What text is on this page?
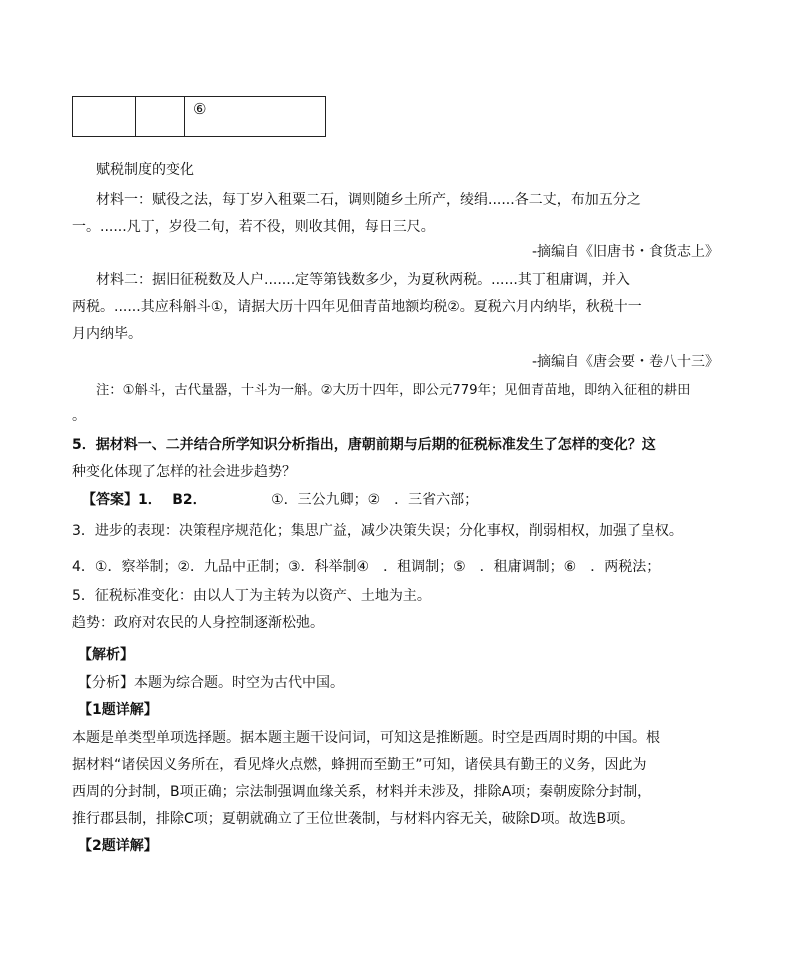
		⑥
赋税制度的变化
材料一：赋役之法，每丁岁入租粟二石，调则随乡土所产，绫绢......各二丈，布加五分之
一。......凡丁，岁役二旬，若不役，则收其佣，每日三尺。
-摘编自《旧唐书・食货志上》
材料二：据旧征税数及人户.......定等第钱数多少，为夏秋两税。......其丁租庸调，并入
两税。......其应科斛斗①，请据大历十四年见佃青苗地额均税②。夏税六月内纳毕，秋税十一
月内纳毕。
-摘编自《唐会要・卷八十三》
注：①斛斗，古代量器，十斗为一斛。②大历十四年，即公元779年；见佃青苗地，即纳入征租的耕田
。
5．据材料一、二并结合所学知识分析指出，唐朝前期与后期的征税标准发生了怎样的变化？这
种变化体现了怎样的社会进步趋势？
【答案】1． B2．	①．三公九卿；②　．三省六部；
3．进步的表现：决策程序规范化；集思广益，减少决策失误；分化事权，削弱相权，加强了皇权。
4．①．察举制；②．九品中正制；③．科举制④　．租调制；⑤　．租庸调制；⑥　．两税法；
5．征税标准变化：由以人丁为主转为以资产、土地为主。
趋势：政府对农民的人身控制逐渐松弛。
【解析】
【分析】本题为综合题。时空为古代中国。
【1题详解】
本题是单类型单项选择题。据本题主题干设问词，可知这是推断题。时空是西周时期的中国。根
据材料“诸侯因义务所在，看见烽火点燃，蜂拥而至勤王”可知，诸侯具有勤王的义务，因此为
西周的分封制，B项正确；宗法制强调血缘关系，材料并未涉及，排除A项；秦朝废除分封制，
推行郡县制，排除C项；夏朝就确立了王位世袭制，与材料内容无关，破除D项。故选B项。
【2题详解】
